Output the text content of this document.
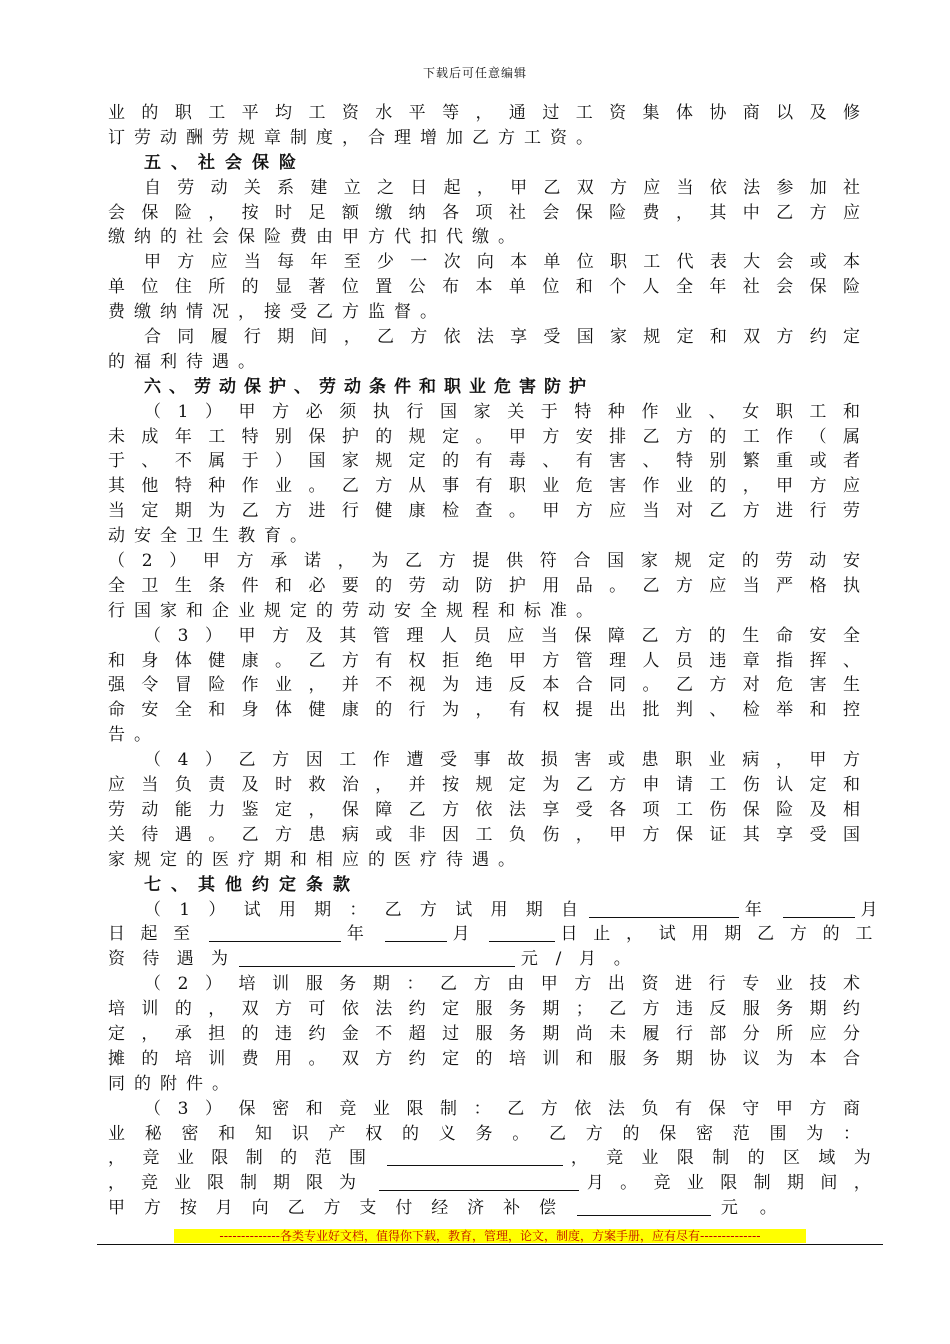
下载后可任意编辑
业的职工平均工资水平等，通过工资集体协商以及修
订劳动酬劳规章制度，合理增加乙方工资。
五、社会保险
自劳动关系建立之日起，甲乙双方应当依法参加社
会保险，按时足额缴纳各项社会保险费，其中乙方应
缴纳的社会保险费由甲方代扣代缴。
甲方应当每年至少一次向本单位职工代表大会或本
单位住所的显著位置公布本单位和个人全年社会保险
费缴纳情况，接受乙方监督。
合同履行期间，乙方依法享受国家规定和双方约定
的福利待遇。
六、劳动保护、劳动条件和职业危害防护
（1）甲方必须执行国家关于特种作业、女职工和
未成年工特别保护的规定。甲方安排乙方的工作（属
于、不属于）国家规定的有毒、有害、特别繁重或者
其他特种作业。乙方从事有职业危害作业的，甲方应
当定期为乙方进行健康检查。甲方应当对乙方进行劳
动安全卫生教育。
（2）甲方承诺，为乙方提供符合国家规定的劳动安
全卫生条件和必要的劳动防护用品。乙方应当严格执
行国家和企业规定的劳动安全规程和标准。
（3）甲方及其管理人员应当保障乙方的生命安全
和身体健康。乙方有权拒绝甲方管理人员违章指挥、
强令冒险作业，并不视为违反本合同。乙方对危害生
命安全和身体健康的行为，有权提出批判、检举和控
告。
（4）乙方因工作遭受事故损害或患职业病，甲方
应当负责及时救治，并按规定为乙方申请工伤认定和
劳动能力鉴定，保障乙方依法享受各项工伤保险及相
关待遇。乙方患病或非因工负伤，甲方保证其享受国
家规定的医疗期和相应的医疗待遇。
七、其他约定条款
（1）试用期：乙方试用期自	年	月
日起至	年	月	日止，试用期乙方的工
资待遇为	元/月。
（2）培训服务期：乙方由甲方出资进行专业技术
培训的，双方可依法约定服务期；乙方违反服务期约
定，承担的违约金不超过服务期尚未履行部分所应分
摊的培训费用。双方约定的培训和服务期协议为本合
同的附件。
（3）保密和竞业限制：乙方依法负有保守甲方商
业秘密和知识产权的义务。乙方的保密范围为：
，竞业限制的范围	，竞业限制的区域为
，竞业限制期限为	月。竞业限制期间，
甲方按月向乙方支付经济补偿	元。
--------------各类专业好文档，值得你下载，教育，管理，论文，制度，方案手册，应有尽有--------------
